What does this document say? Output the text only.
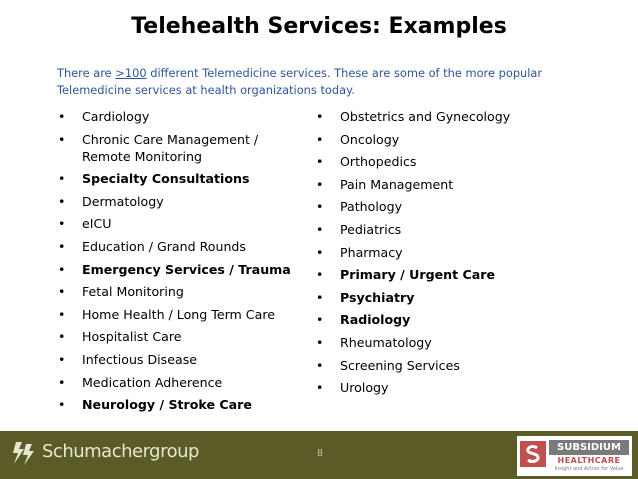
Telehealth Services: Examples
There are >100 different Telemedicine services. These are some of the more popular Telemedicine services at health organizations today.
• Cardiology
• Chronic Care Management / Remote Monitoring
• Specialty Consultations
• Dermatology
• eICU
• Education / Grand Rounds
• Emergency Services / Trauma
• Fetal Monitoring
• Home Health / Long Term Care
• Hospitalist Care
• Infectious Disease
• Medication Adherence
• Neurology / Stroke Care
• Obstetrics and Gynecology
• Oncology
• Orthopedics
• Pain Management
• Pathology
• Pediatrics
• Pharmacy
• Primary / Urgent Care
• Psychiatry
• Radiology
• Rheumatology
• Screening Services
• Urology
Schumachergroup	8
SUBSIDIUM
HEALTHCARE
Insight and Action for Value
